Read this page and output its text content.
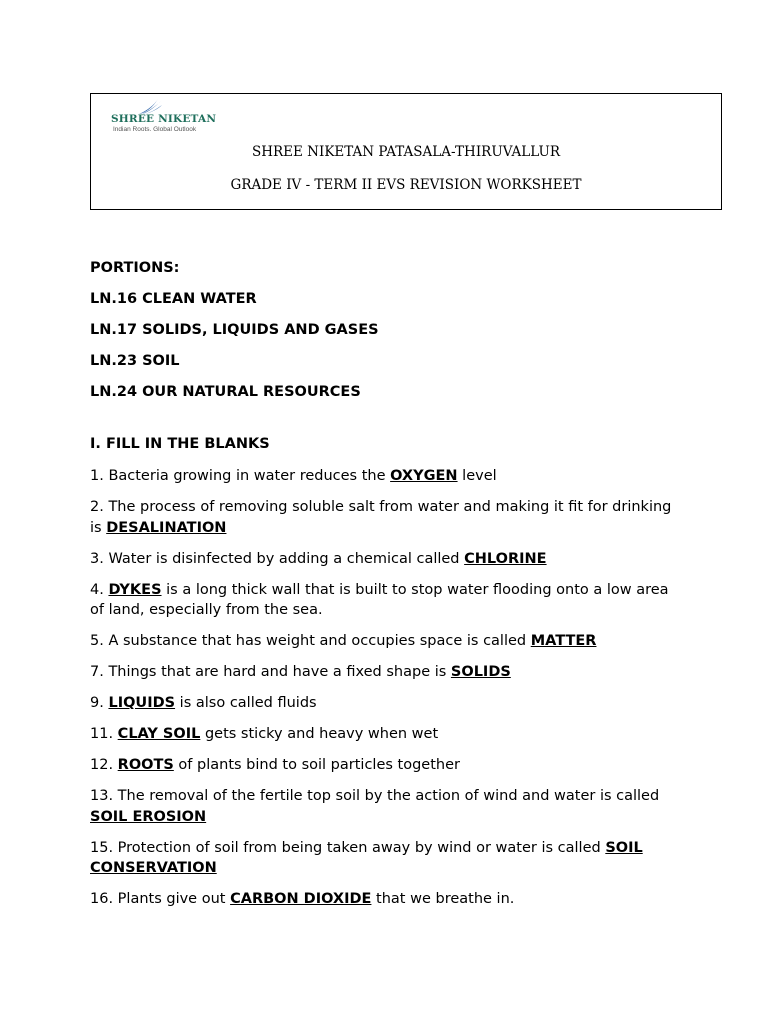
SHREE NIKETAN
Indian Roots. Global Outlook
SHREE NIKETAN PATASALA-THIRUVALLUR
GRADE IV - TERM II EVS REVISION WORKSHEET
PORTIONS:
LN.16 CLEAN WATER
LN.17 SOLIDS, LIQUIDS AND GASES
LN.23 SOIL
LN.24 OUR NATURAL RESOURCES
I. FILL IN THE BLANKS
1. Bacteria growing in water reduces the OXYGEN level
2. The process of removing soluble salt from water and making it fit for drinking is DESALINATION
3. Water is disinfected by adding a chemical called CHLORINE
4. DYKES is a long thick wall that is built to stop water flooding onto a low area of land, especially from the sea.
5. A substance that has weight and occupies space is called MATTER
7. Things that are hard and have a fixed shape is SOLIDS
9. LIQUIDS is also called fluids
11. CLAY SOIL gets sticky and heavy when wet
12. ROOTS of plants bind to soil particles together
13. The removal of the fertile top soil by the action of wind and water is called SOIL EROSION
15. Protection of soil from being taken away by wind or water is called SOIL CONSERVATION
16. Plants give out CARBON DIOXIDE that we breathe in.
